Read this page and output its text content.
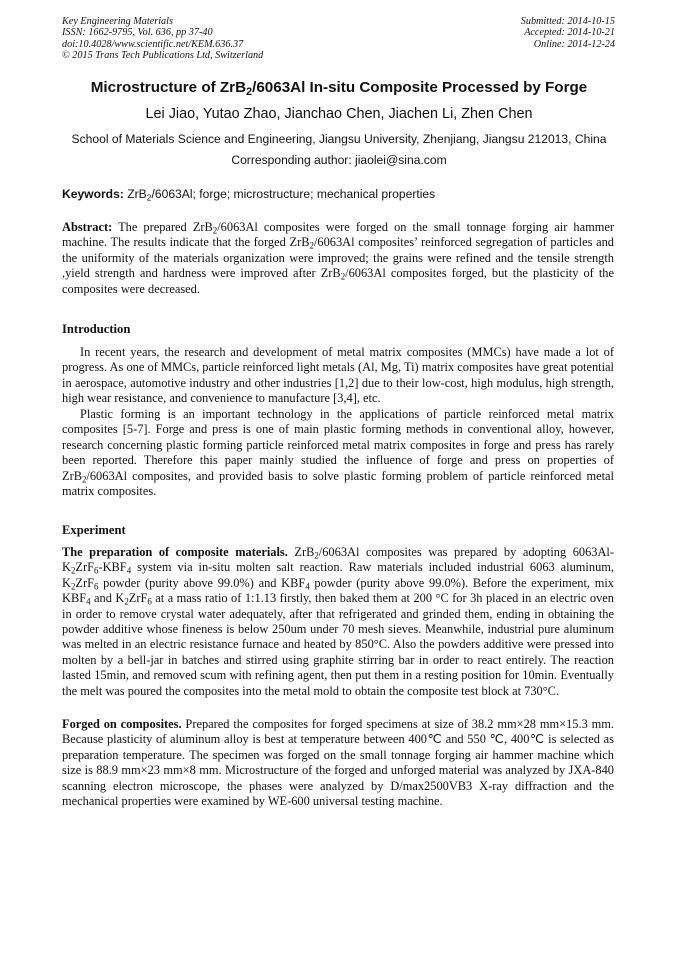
Key Engineering Materials
ISSN: 1662-9795, Vol. 636, pp 37-40
doi:10.4028/www.scientific.net/KEM.636.37
© 2015 Trans Tech Publications Ltd, Switzerland
Submitted: 2014-10-15
Accepted: 2014-10-21
Online: 2014-12-24
Microstructure of ZrB$_2$/6063Al In-situ Composite Processed by Forge
Lei Jiao, Yutao Zhao, Jianchao Chen, Jiachen Li, Zhen Chen
School of Materials Science and Engineering, Jiangsu University, Zhenjiang, Jiangsu 212013, China
Corresponding author: jiaolei@sina.com
Keywords: ZrB$_2$/6063Al; forge; microstructure; mechanical properties

Abstract: The prepared ZrB$_2$/6063Al composites were forged on the small tonnage forging air hammer machine. The results indicate that the forged ZrB$_2$/6063Al composites’ reinforced segregation of particles and the uniformity of the materials organization were improved; the grains were refined and the tensile strength ,yield strength and hardness were improved after ZrB$_2$/6063Al composites forged, but the plasticity of the composites were decreased.

Introduction

In recent years, the research and development of metal matrix composites (MMCs) have made a lot of progress. As one of MMCs, particle reinforced light metals (Al, Mg, Ti) matrix composites have great potential in aerospace, automotive industry and other industries [1,2] due to their low-cost, high modulus, high strength, high wear resistance, and convenience to manufacture [3,4], etc.

Plastic forming is an important technology in the applications of particle reinforced metal matrix composites [5-7]. Forge and press is one of main plastic forming methods in conventional alloy, however, research concerning plastic forming particle reinforced metal matrix composites in forge and press has rarely been reported. Therefore this paper mainly studied the influence of forge and press on properties of ZrB$_2$/6063Al composites, and provided basis to solve plastic forming problem of particle reinforced metal matrix composites.

Experiment

The preparation of composite materials. ZrB$_2$/6063Al composites was prepared by adopting $6063Al-K_2ZrF_6-KBF_4$ system via in-situ molten salt reaction. Raw materials included industrial 6063 aluminum, $K_2ZrF_6$ powder (purity above 99.0%) and $KBF_4$ powder (purity above 99.0%). Before the experiment, mix $KBF_4$ and $K_2ZrF_6$ at a mass ratio of 1:1.13 firstly, then baked them at 200 °C for 3h placed in an electric oven in order to remove crystal water adequately, after that refrigerated and grinded them, ending in obtaining the powder additive whose fineness is below 250um under 70 mesh sieves. Meanwhile, industrial pure aluminum was melted in an electric resistance furnace and heated by 850°C. Also the powders additive were pressed into molten by a bell-jar in batches and stirred using graphite stirring bar in order to react entirely. The reaction lasted 15min, and removed scum with refining agent, then put them in a resting position for 10min. Eventually the melt was poured the composites into the metal mold to obtain the composite test block at 730°C.

Forged on composites. Prepared the composites for forged specimens at size of 38.2 mm×28 mm×15.3 mm. Because plasticity of aluminum alloy is best at temperature between 400℃ and 550 ℃, 400℃ is selected as preparation temperature. The specimen was forged on the small tonnage forging air hammer machine which size is 88.9 mm×23 mm×8 mm. Microstructure of the forged and unforged material was analyzed by JXA-840 scanning electron microscope, the phases were analyzed by D/max2500VB3 X-ray diffraction and the mechanical properties were examined by WE-600 universal testing machine.
